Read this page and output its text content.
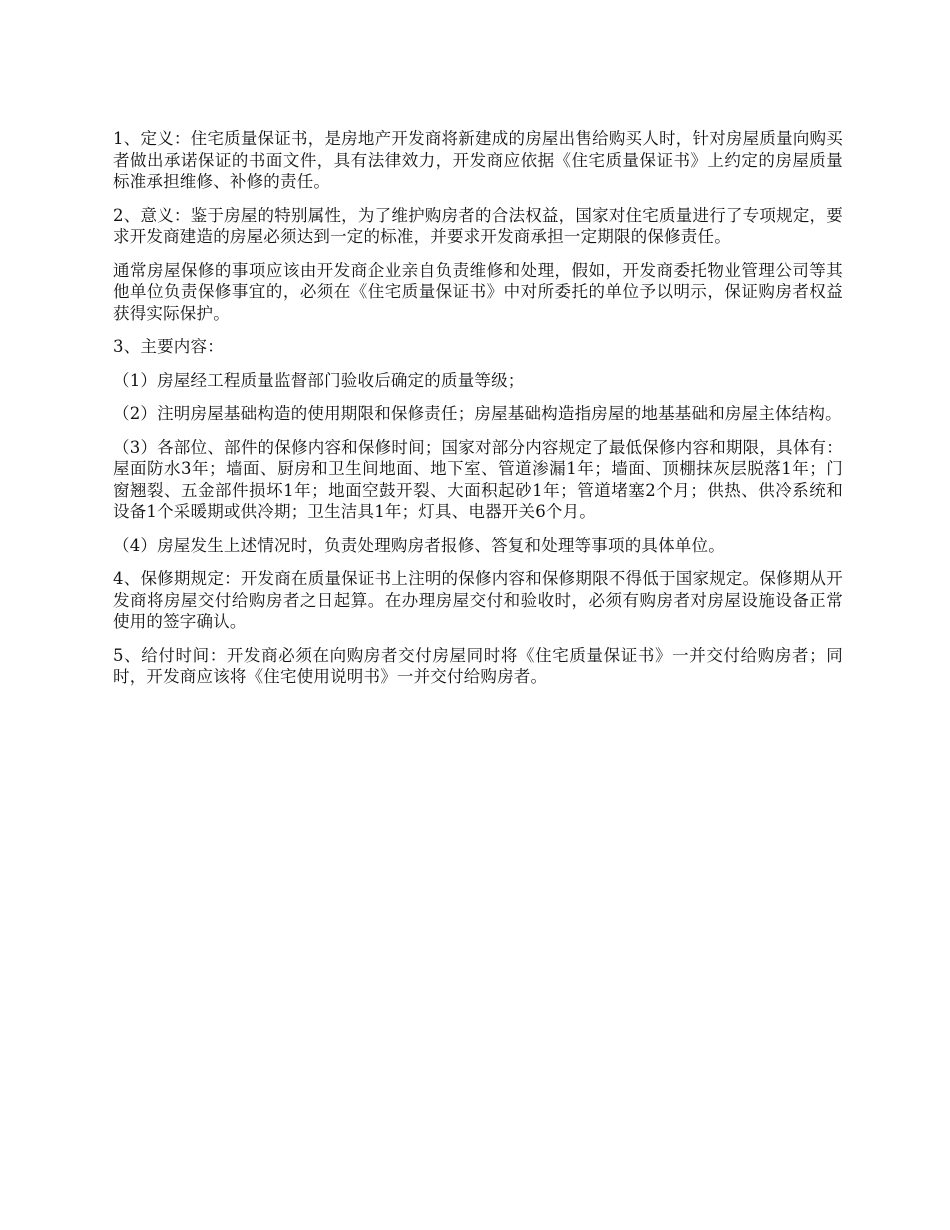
1、定义：住宅质量保证书，是房地产开发商将新建成的房屋出售给购买人时，针对房屋质量向购买者做出承诺保证的书面文件，具有法律效力，开发商应依据《住宅质量保证书》上约定的房屋质量标准承担维修、补修的责任。

2、意义：鉴于房屋的特别属性，为了维护购房者的合法权益，国家对住宅质量进行了专项规定，要求开发商建造的房屋必须达到一定的标准，并要求开发商承担一定期限的保修责任。

通常房屋保修的事项应该由开发商企业亲自负责维修和处理，假如，开发商委托物业管理公司等其他单位负责保修事宜的，必须在《住宅质量保证书》中对所委托的单位予以明示，保证购房者权益获得实际保护。

3、主要内容：

（1）房屋经工程质量监督部门验收后确定的质量等级；

（2）注明房屋基础构造的使用期限和保修责任；房屋基础构造指房屋的地基基础和房屋主体结构。

（3）各部位、部件的保修内容和保修时间；国家对部分内容规定了最低保修内容和期限，具体有：屋面防水3年；墙面、厨房和卫生间地面、地下室、管道渗漏1年；墙面、顶棚抹灰层脱落1年；门窗翘裂、五金部件损坏1年；地面空鼓开裂、大面积起砂1年；管道堵塞2个月；供热、供冷系统和设备1个采暖期或供冷期；卫生洁具1年；灯具、电器开关6个月。

（4）房屋发生上述情况时，负责处理购房者报修、答复和处理等事项的具体单位。

4、保修期规定：开发商在质量保证书上注明的保修内容和保修期限不得低于国家规定。保修期从开发商将房屋交付给购房者之日起算。在办理房屋交付和验收时，必须有购房者对房屋设施设备正常使用的签字确认。

5、给付时间：开发商必须在向购房者交付房屋同时将《住宅质量保证书》一并交付给购房者；同时，开发商应该将《住宅使用说明书》一并交付给购房者。
